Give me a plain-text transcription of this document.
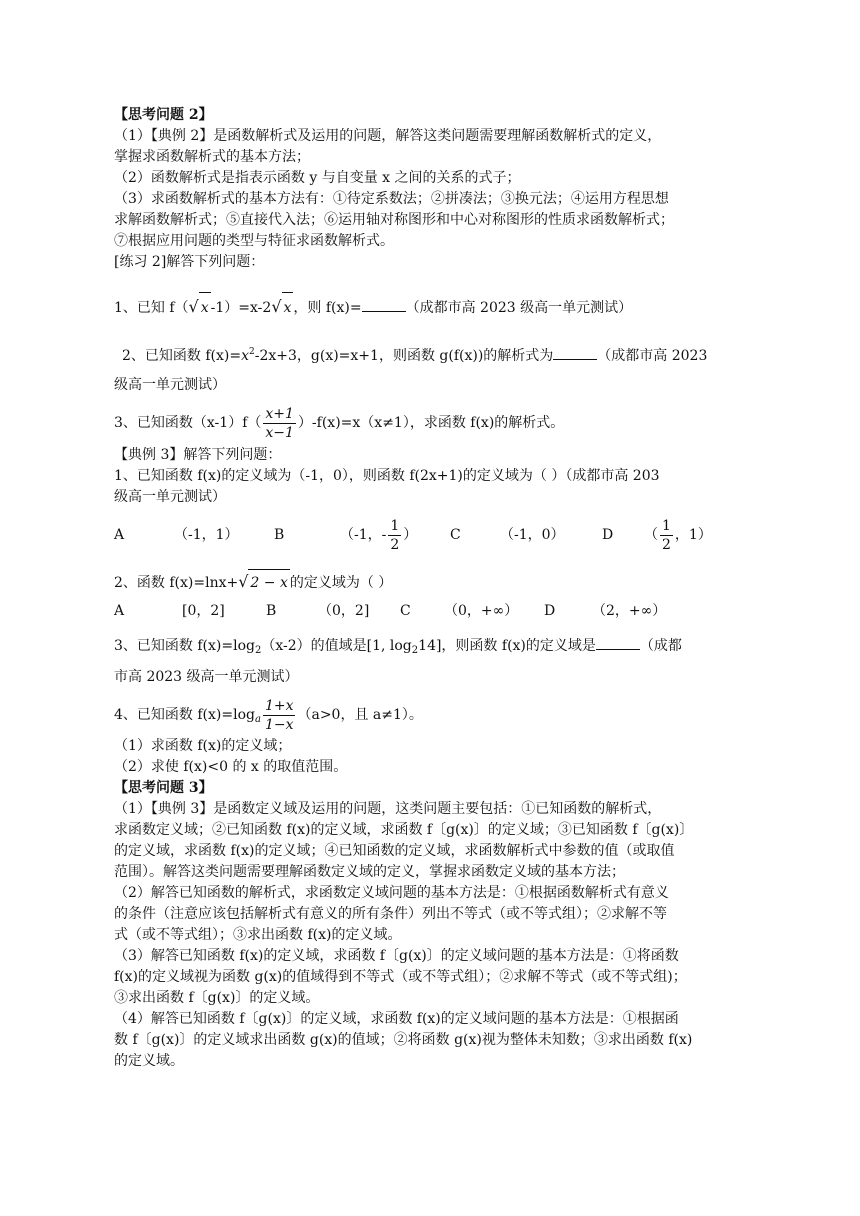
【思考问题 2】
（1）【典例 2】是函数解析式及运用的问题，解答这类问题需要理解函数解析式的定义，
掌握求函数解析式的基本方法；
（2）函数解析式是指表示函数 y 与自变量 x 之间的关系的式子；
（3）求函数解析式的基本方法有：①待定系数法；②拼凑法；③换元法；④运用方程思想
求解函数解析式；⑤直接代入法；⑥运用轴对称图形和中心对称图形的性质求函数解析式；
⑦根据应用问题的类型与特征求函数解析式。
[练习 2]解答下列问题：
1、已知 f（√ x -1）=x-2√ x ，则 f(x)=	（成都市高 2023 级高一单元测试）
2、已知函数 $f(x)=x^2-2x+3$，g(x)=x+1，则函数 g(f(x))的解析式为	（成都市高 2023
级高一单元测试）
3、已知函数$(x-1)f( \frac{x+1}{x-1} )-f(x)=x(x\ne 1)$，求函数 f(x)的解析式。
【典例 3】解答下列问题：
1、已知函数 f(x)的定义域为（-1，0），则函数 f(2x+1)的定义域为（ ）（成都市高 203
级高一单元测试）
A	（-1，1）	B	（-1，- $\frac{1}{2}$ ） C	（-1，0）	D （ $\frac{1}{2}$ ，1）
2、函数 f(x)=lnx+√ 2 − x 的定义域为（ ）
A	[0，2]	B	（0，2] C （0，+∞） D	（2，+∞）
3、已知函数 $f(x)=\log_2(x-2)$的值域是[1, $\log_214$]，则函数 f(x)的定义域是	（成都
市高 2023 级高一单元测试）
4、已知函数 $f(x)=\log_a \frac{1+x}{1-x} (a>0$，且 a≠1）。
（1）求函数 f(x)的定义域；
（2）求使 f(x)<0 的 x 的取值范围。
【思考问题 3】
（1）【典例 3】是函数定义域及运用的问题，这类问题主要包括：①已知函数的解析式，
求函数定义域；②已知函数 f(x)的定义域，求函数 f〔g(x)〕的定义域；③已知函数 f〔g(x)〕
的定义域，求函数 f(x)的定义域；④已知函数的定义域，求函数解析式中参数的值（或取值
范围）。解答这类问题需要理解函数定义域的定义，掌握求函数定义域的基本方法；
（2）解答已知函数的解析式，求函数定义域问题的基本方法是：①根据函数解析式有意义
的条件（注意应该包括解析式有意义的所有条件）列出不等式（或不等式组）；②求解不等
式（或不等式组）；③求出函数 f(x)的定义域。
（3）解答已知函数 f(x)的定义域，求函数 f〔g(x)〕的定义域问题的基本方法是：①将函数
f(x)的定义域视为函数 g(x)的值域得到不等式（或不等式组）；②求解不等式（或不等式组)；
③求出函数 f〔g(x)〕的定义域。
（4）解答已知函数 f〔g(x)〕的定义域，求函数 f(x)的定义域问题的基本方法是：①根据函
数 f〔g(x)〕的定义域求出函数 g(x)的值域；②将函数 g(x)视为整体未知数；③求出函数 f(x)
的定义域。
